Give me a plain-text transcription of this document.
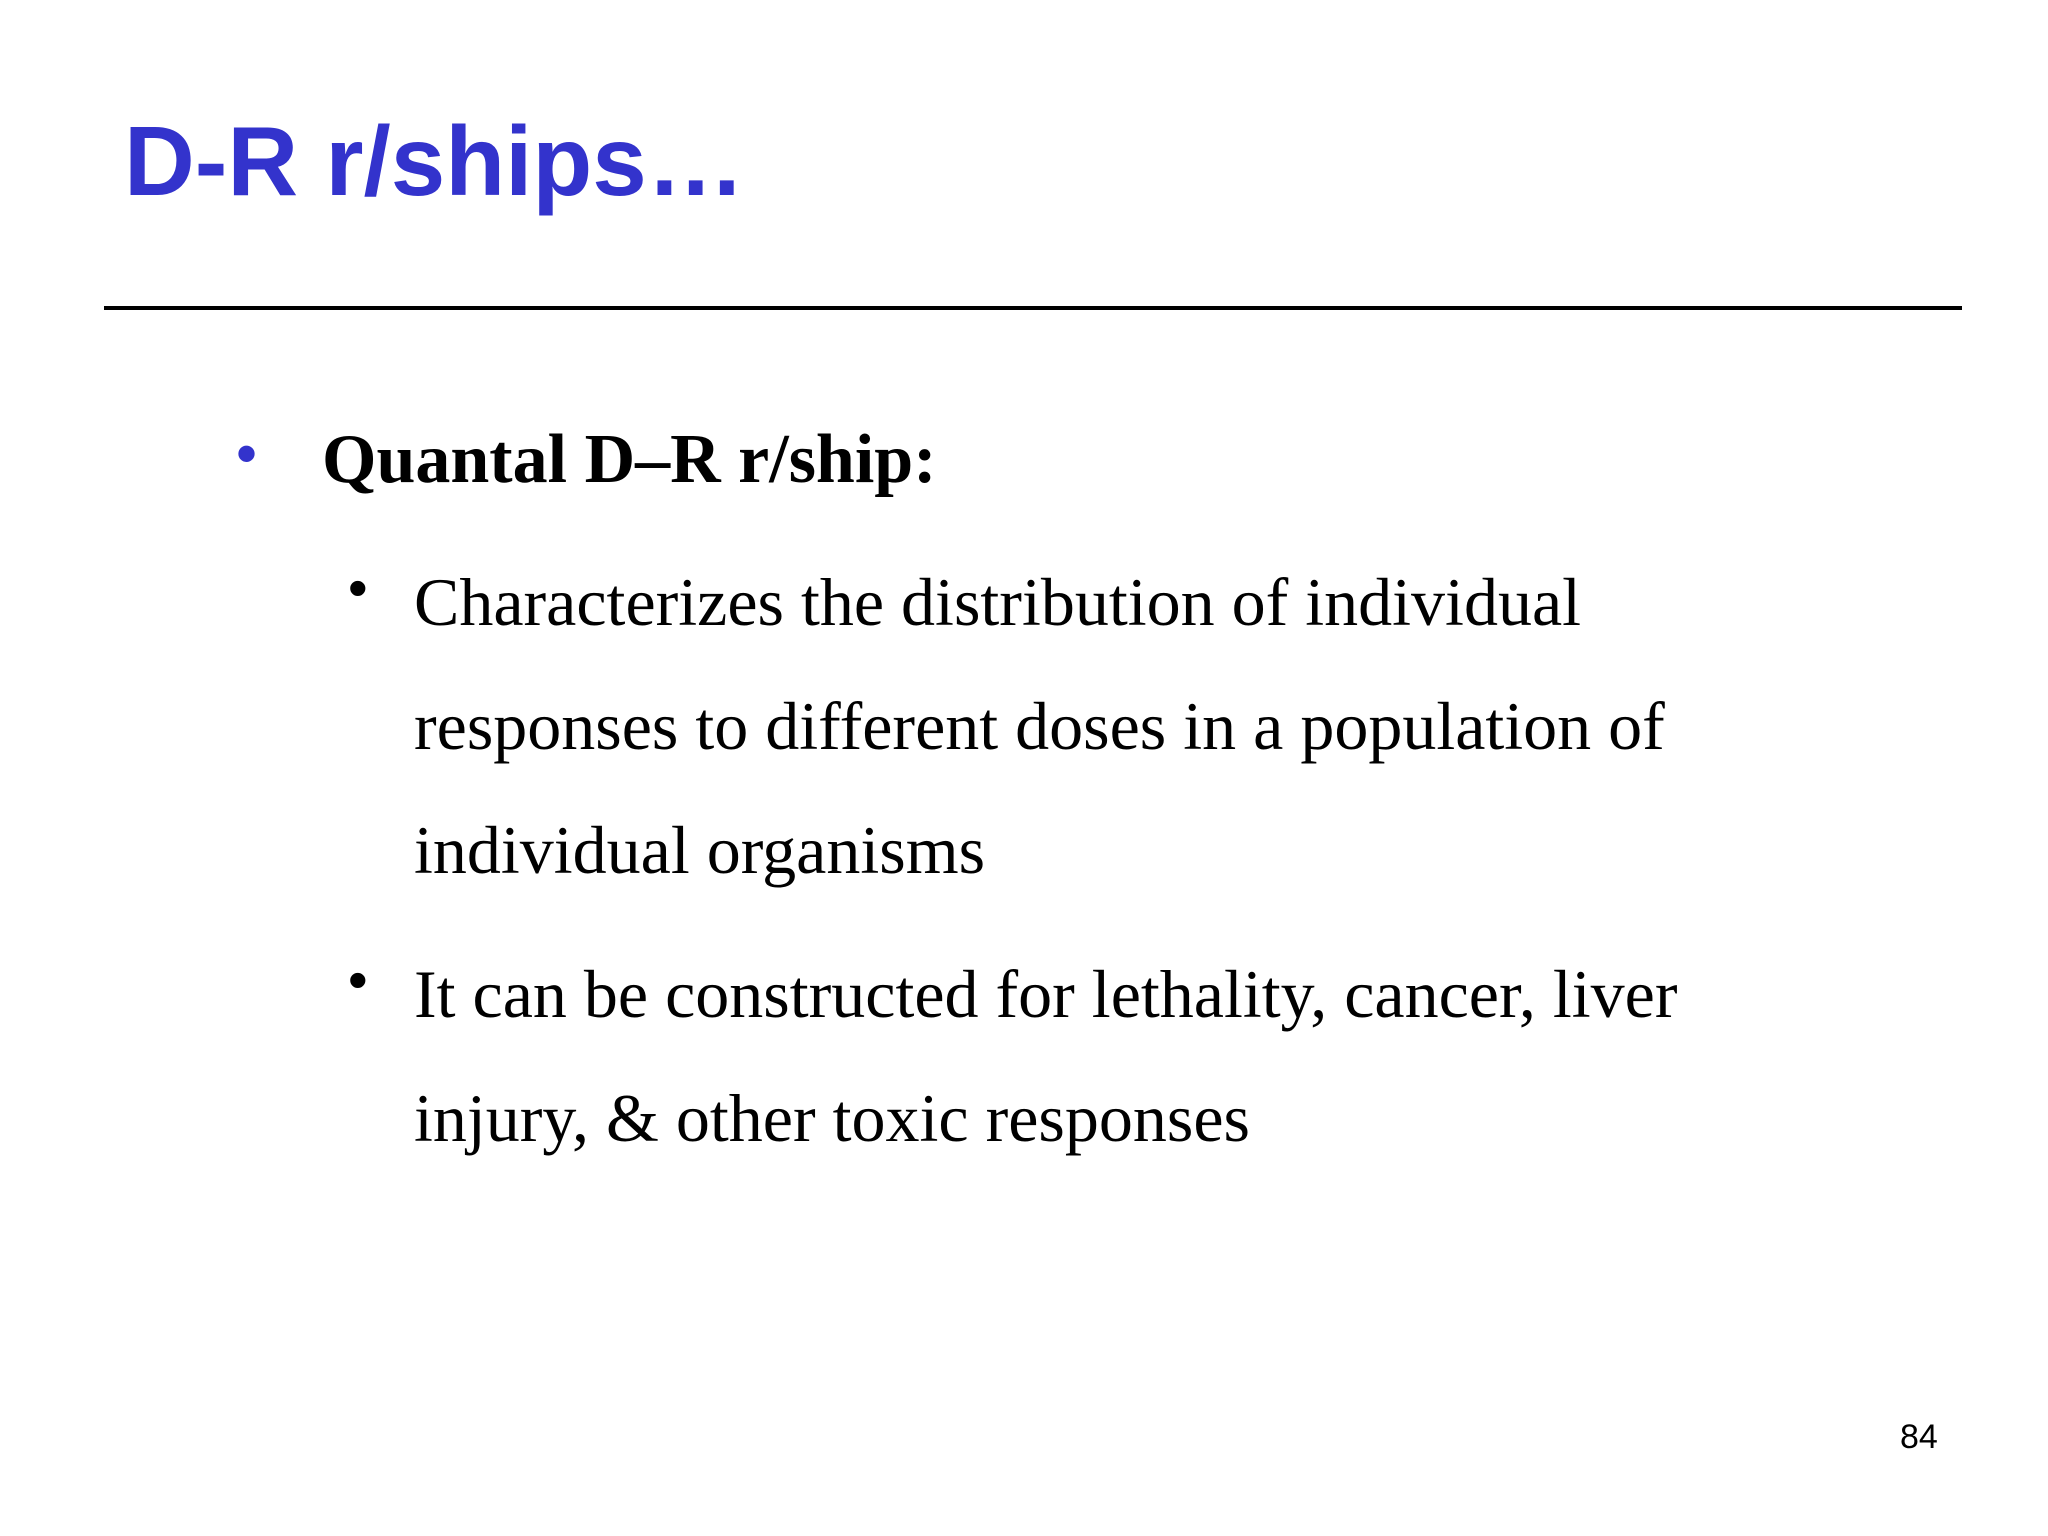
D-R r/ships…
• Quantal D–R r/ship:
• Characterizes the distribution of individual
responses to different doses in a population of
individual organisms
• It can be constructed for lethality, cancer, liver
injury, & other toxic responses
84
